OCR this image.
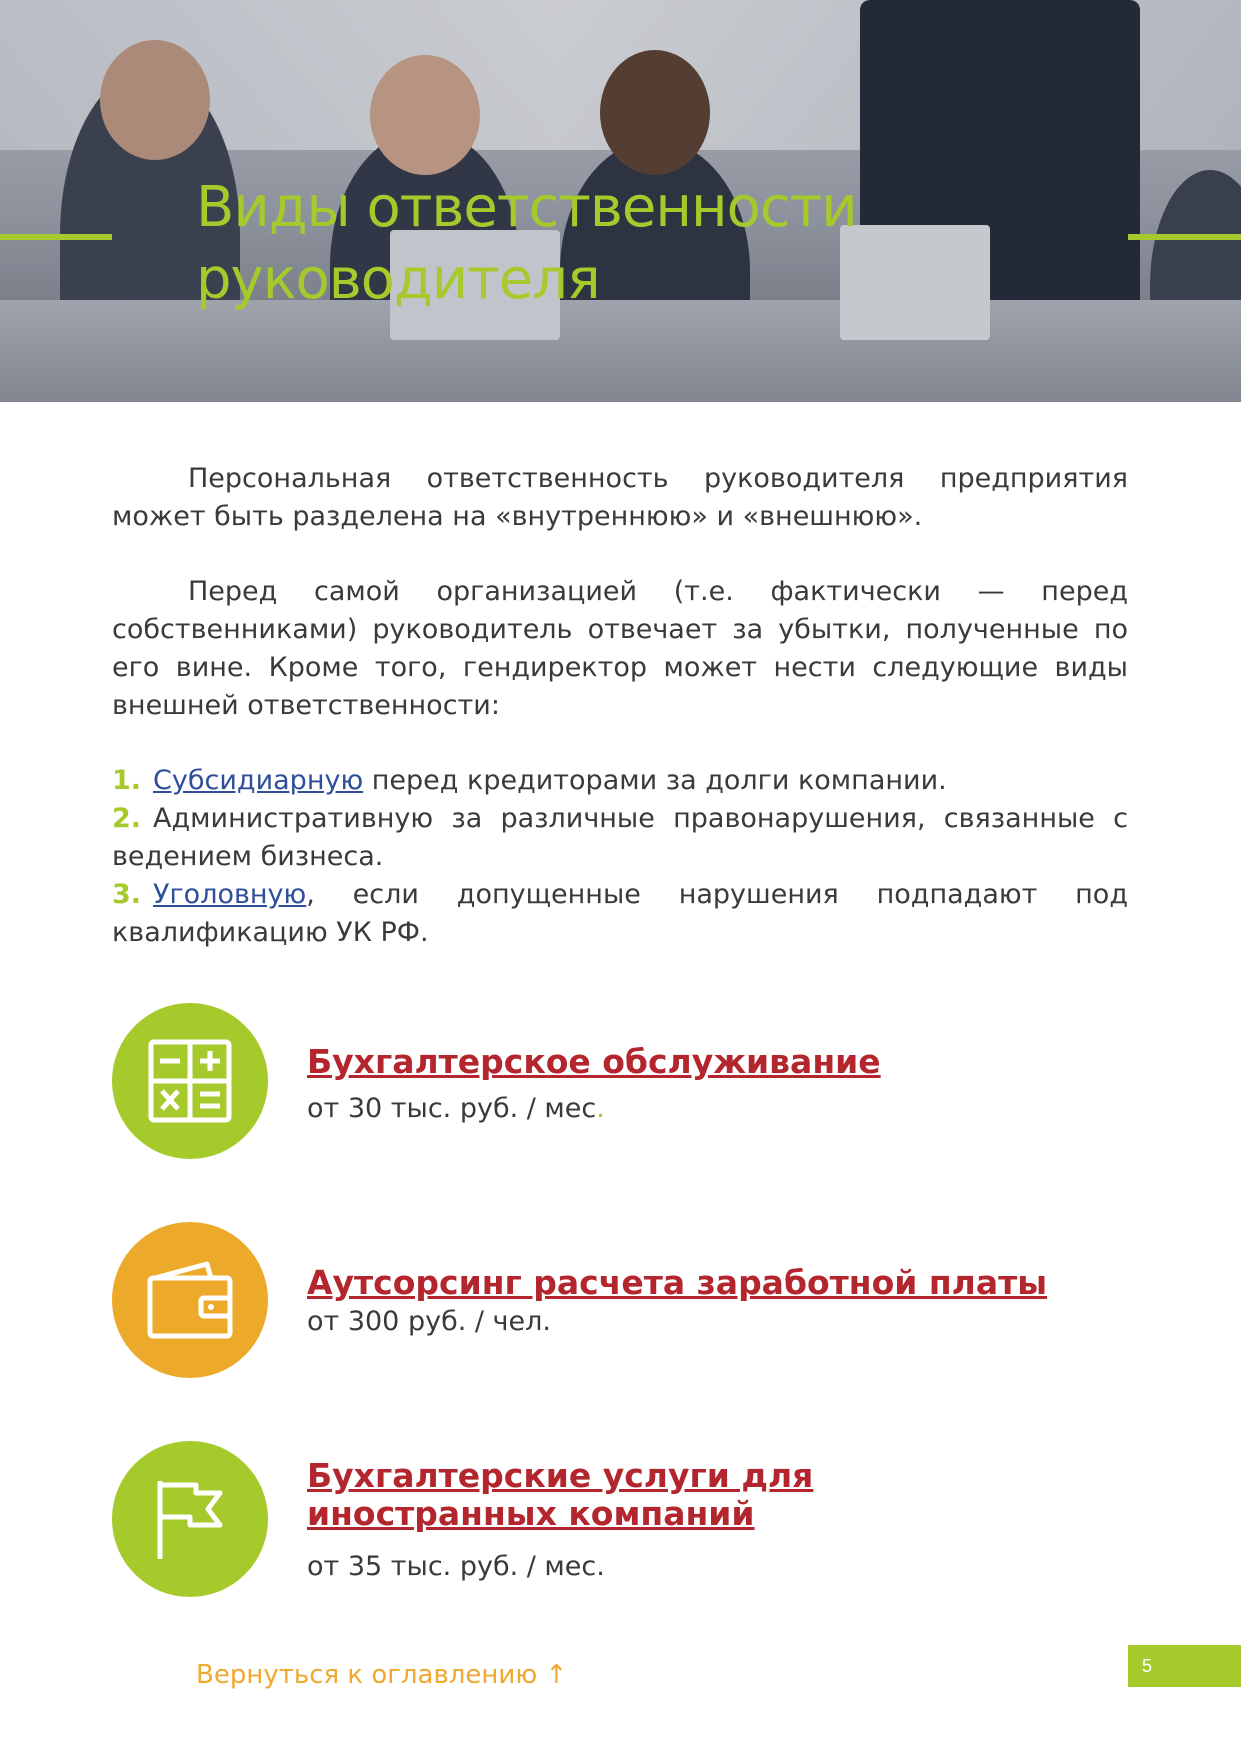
Виды ответственности
руководителя

Персональная ответственность руководителя предприятия может быть разделена на «внутреннюю» и «внешнюю».

Перед самой организацией (т.е. фактически — перед собственниками) руководитель отвечает за убытки, полученные по его вине. Кроме того, гендиректор может нести следующие виды внешней ответственности:

1. Субсидиарную перед кредиторами за долги компании.
2. Административную за различные правонарушения, связанные с ведением бизнеса.
3. Уголовную, если допущенные нарушения подпадают под квалификацию УК РФ.

Бухгалтерское обслуживание

от 30 тыс. руб. / мес.

Аутсорсинг расчета заработной платы

от 300 руб. / чел.

Бухгалтерские услуги для иностранных компаний

от 35 тыс. руб. / мес.

Вернуться к оглавлению ↑	5
